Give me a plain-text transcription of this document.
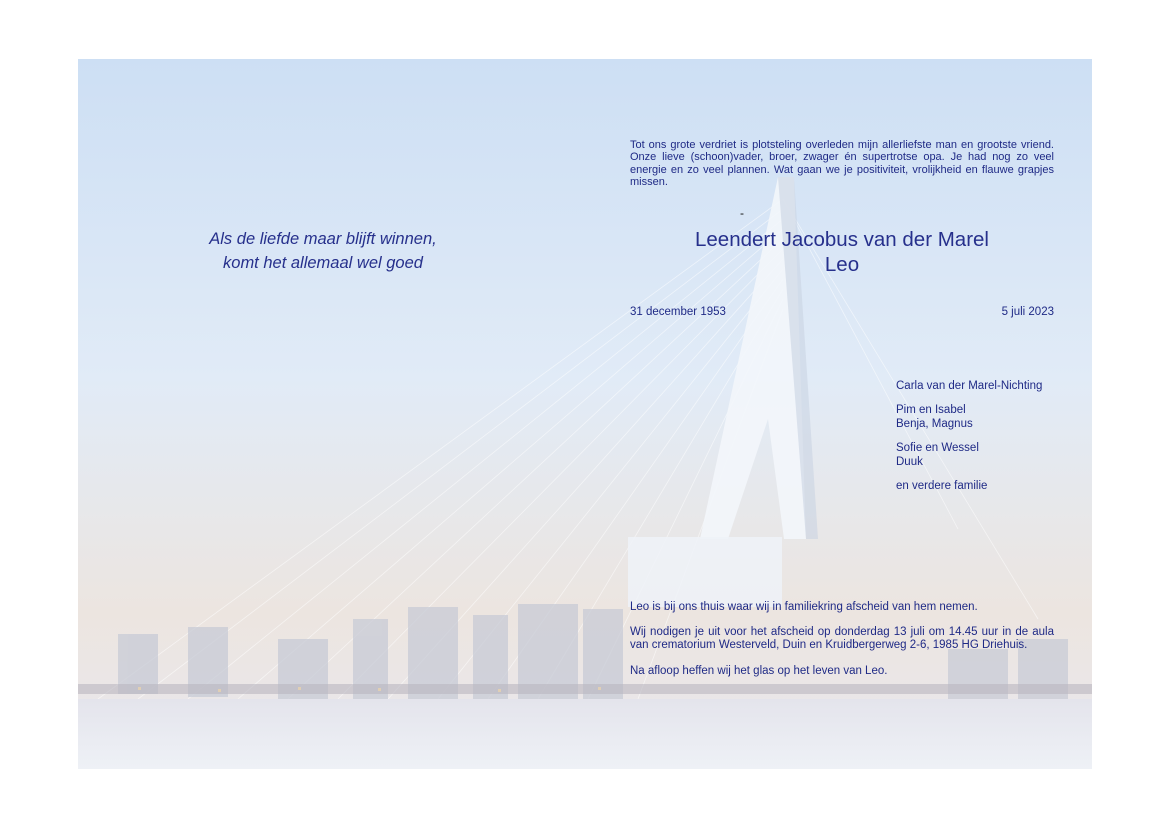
Als de liefde maar blijft winnen,
komt het allemaal wel goed
Tot ons grote verdriet is plotsteling overleden mijn allerliefste man en grootste vriend. Onze lieve (schoon)vader, broer, zwager én supertrotse opa. Je had nog zo veel energie en zo veel plannen. Wat gaan we je positiviteit, vrolijkheid en flauwe grapjes missen.
-
Leendert Jacobus van der Marel
Leo
31 december 1953	5 juli 2023
Carla van der Marel-Nichting
Pim en Isabel
Benja, Magnus
Sofie en Wessel
Duuk
en verdere familie

Leo is bij ons thuis waar wij in familiekring afscheid van hem nemen.

Wij nodigen je uit voor het afscheid op donderdag 13 juli om 14.45 uur in de aula van crematorium Westerveld, Duin en Kruidbergerweg 2-6, 1985 HG Driehuis.

Na afloop heffen wij het glas op het leven van Leo.
